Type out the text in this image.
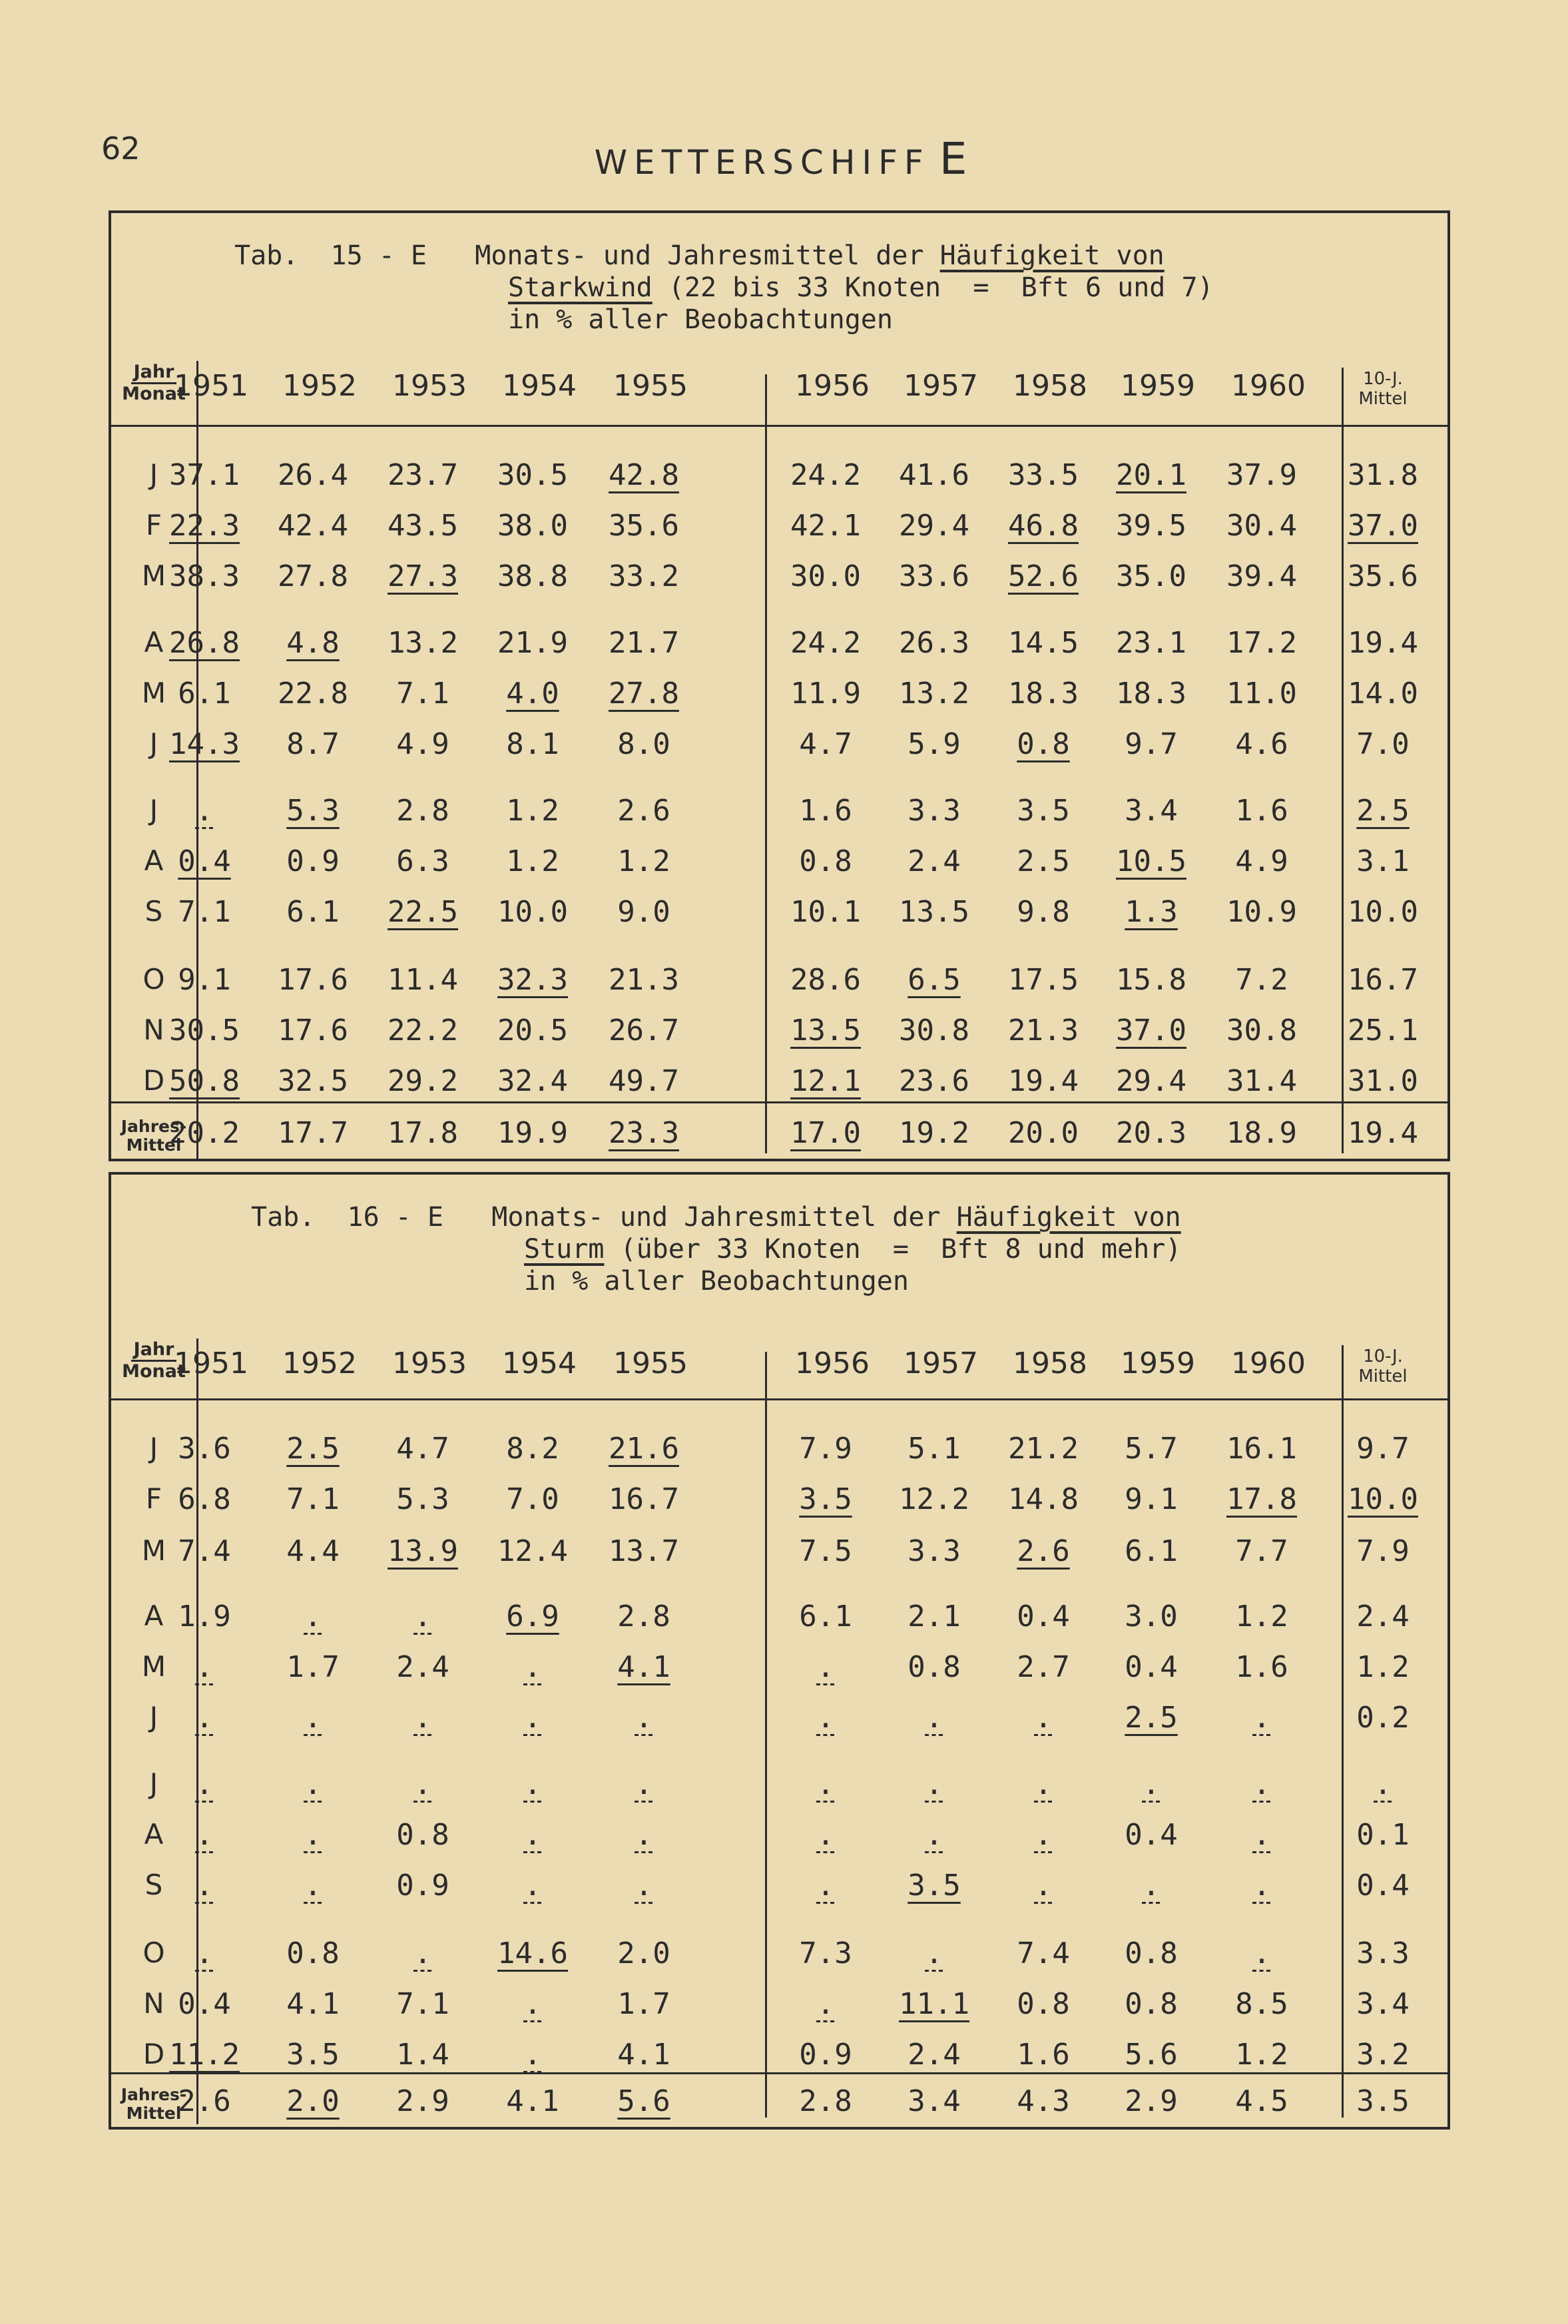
62	WETTERSCHIFF E
Tab.  15 - E   Monats- und Jahresmittel der Häufigkeit von
Starkwind (22 bis 33 Knoten  =  Bft 6 und 7)
in % aller Beobachtungen
Jahr
Monat
1951	1952	1953	1954	1955	1956	1957	1958	1959	1960	10-J.
Mittel
J 37.1	26.4	23.7	30.5	42.8	24.2	41.6	33.5	20.1	37.9	31.8
F 22.3	42.4	43.5	38.0	35.6	42.1	29.4	46.8	39.5	30.4	37.0
M 38.3	27.8	27.3	38.8	33.2	30.0	33.6	52.6	35.0	39.4	35.6
A 26.8	4.8	13.2	21.9	21.7	24.2	26.3	14.5	23.1	17.2	19.4
M 6.1	22.8	7.1	4.0	27.8	11.9	13.2	18.3	18.3	11.0	14.0
J 14.3	8.7	4.9	8.1	8.0	4.7	5.9	0.8	9.7	4.6	7.0
J	.	5.3	2.8	1.2	2.6	1.6	3.3	3.5	3.4	1.6	2.5
A 0.4	0.9	6.3	1.2	1.2	0.8	2.4	2.5	10.5	4.9	3.1
S 7.1	6.1	22.5	10.0	9.0	10.1	13.5	9.8	1.3	10.9	10.0
O 9.1	17.6	11.4	32.3	21.3	28.6	6.5	17.5	15.8	7.2	16.7
N 30.5	17.6	22.2	20.5	26.7	13.5	30.8	21.3	37.0	30.8	25.1
D 50.8	32.5	29.2	32.4	49.7	12.1	23.6	19.4	29.4	31.4	31.0
Jahres-
Mittel
20.2	17.7	17.8	19.9	23.3	17.0	19.2	20.0	20.3	18.9	19.4
Tab.  16 - E   Monats- und Jahresmittel der Häufigkeit von
Sturm (über 33 Knoten  =  Bft 8 und mehr)
in % aller Beobachtungen
Jahr
Monat
1951	1952	1953	1954	1955	1956	1957	1958	1959	1960	10-J.
Mittel
J 3.6	2.5	4.7	8.2	21.6	7.9	5.1	21.2	5.7	16.1	9.7
F 6.8	7.1	5.3	7.0	16.7	3.5	12.2	14.8	9.1	17.8	10.0
M 7.4	4.4	13.9	12.4	13.7	7.5	3.3	2.6	6.1	7.7	7.9
A 1.9	.	.	6.9	2.8	6.1	2.1	0.4	3.0	1.2	2.4
M	.	1.7	2.4	.	4.1	.	0.8	2.7	0.4	1.6	1.2
J	.	.	.	.	.	.	.	.	2.5	.	0.2
J	.	.	.	.	.	.	.	.	.	.	.
A	.	.	0.8	.	.	.	.	.	0.4	.	0.1
S	.	.	0.9	.	.	.	3.5	.	.	.	0.4
O	.	0.8	.	14.6	2.0	7.3	.	7.4	0.8	.	3.3
N 0.4	4.1	7.1	.	1.7	.	11.1	0.8	0.8	8.5	3.4
D 11.2	3.5	1.4	.	4.1	0.9	2.4	1.6	5.6	1.2	3.2
Jahres-
Mittel
2.6	2.0	2.9	4.1	5.6	2.8	3.4	4.3	2.9	4.5	3.5
